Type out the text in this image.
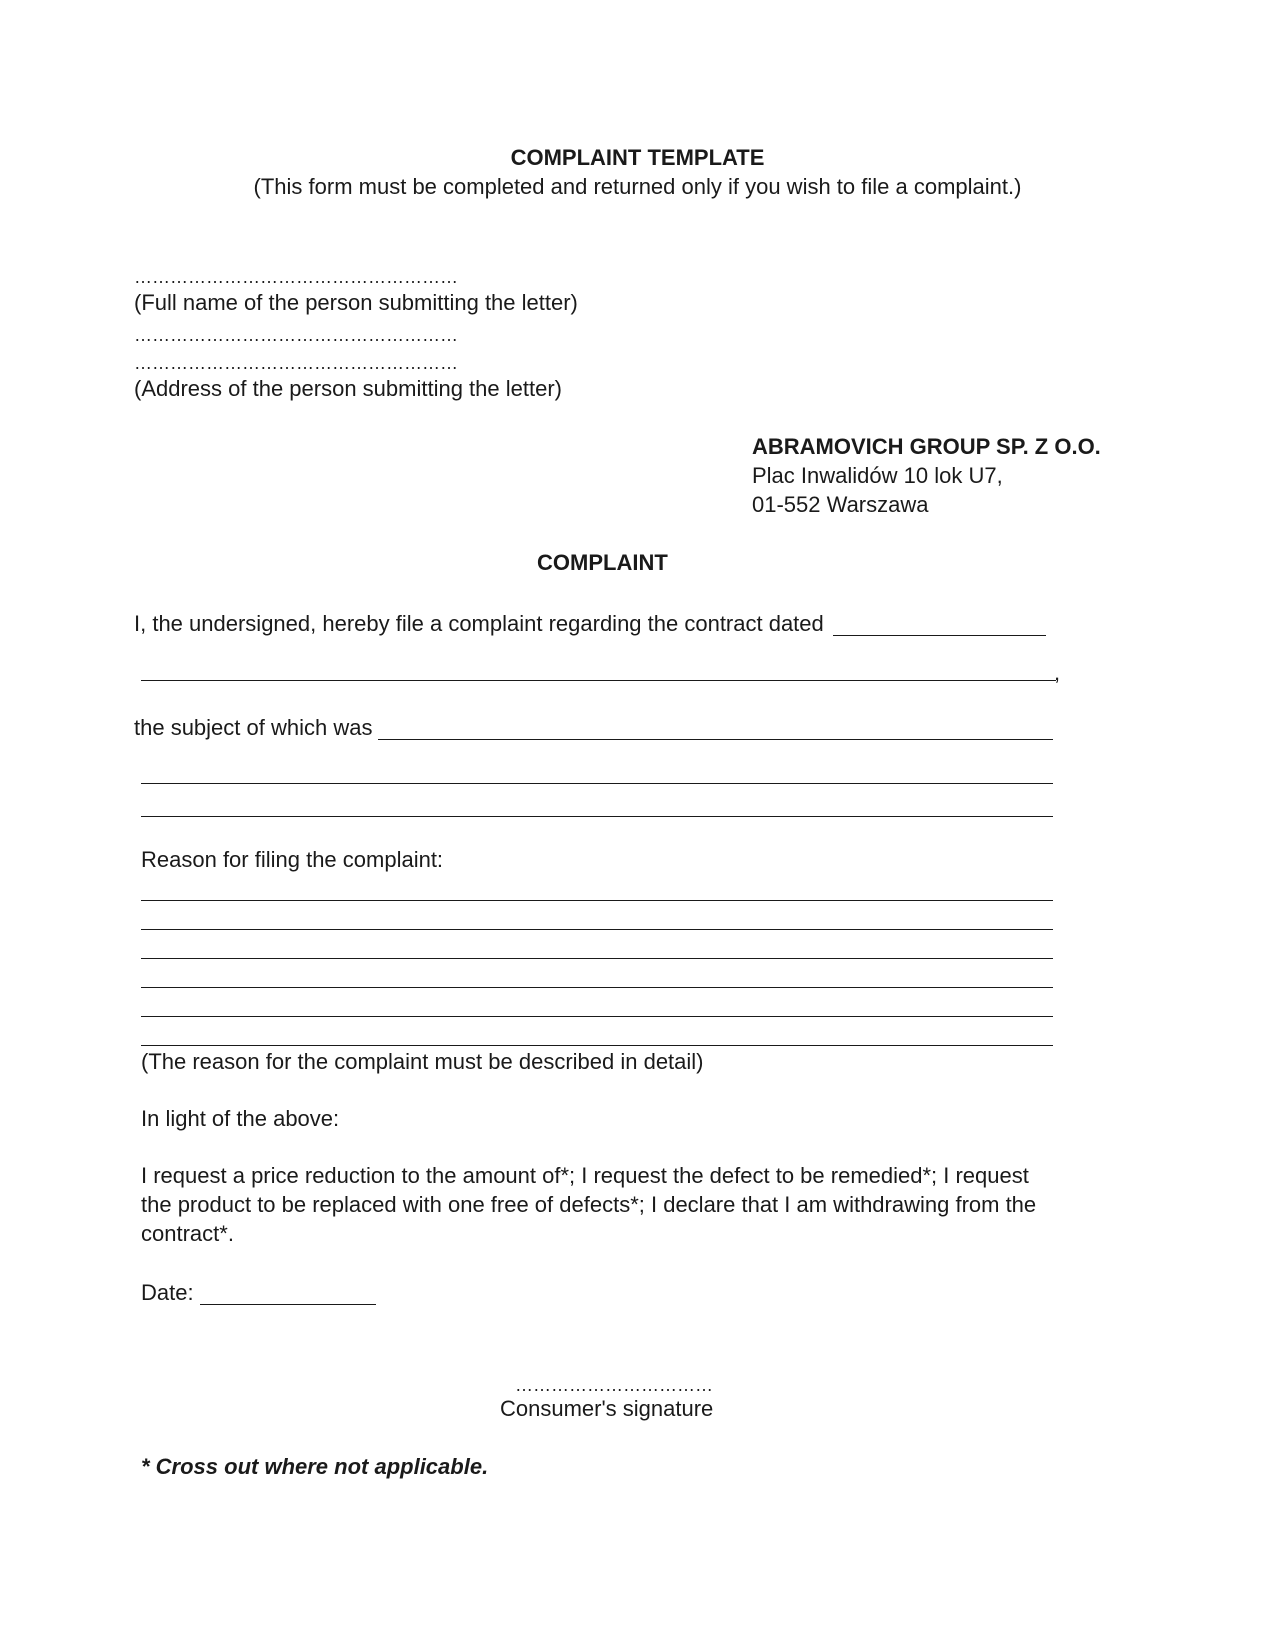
COMPLAINT TEMPLATE
(This form must be completed and returned only if you wish to file a complaint.)
………………………………………………
(Full name of the person submitting the letter)
………………………………………………
………………………………………………
(Address of the person submitting the letter)
ABRAMOVICH GROUP SP. Z O.O.
Plac Inwalidów 10 lok U7,
01-552 Warszawa
COMPLAINT
I, the undersigned, hereby file a complaint regarding the contract dated
,
the subject of which was
Reason for filing the complaint:
(The reason for the complaint must be described in detail)
In light of the above:
I request a price reduction to the amount of*; I request the defect to be remedied*; I request
the product to be replaced with one free of defects*; I declare that I am withdrawing from the
contract*.
Date:
……………………………
Consumer's signature
* Cross out where not applicable.
